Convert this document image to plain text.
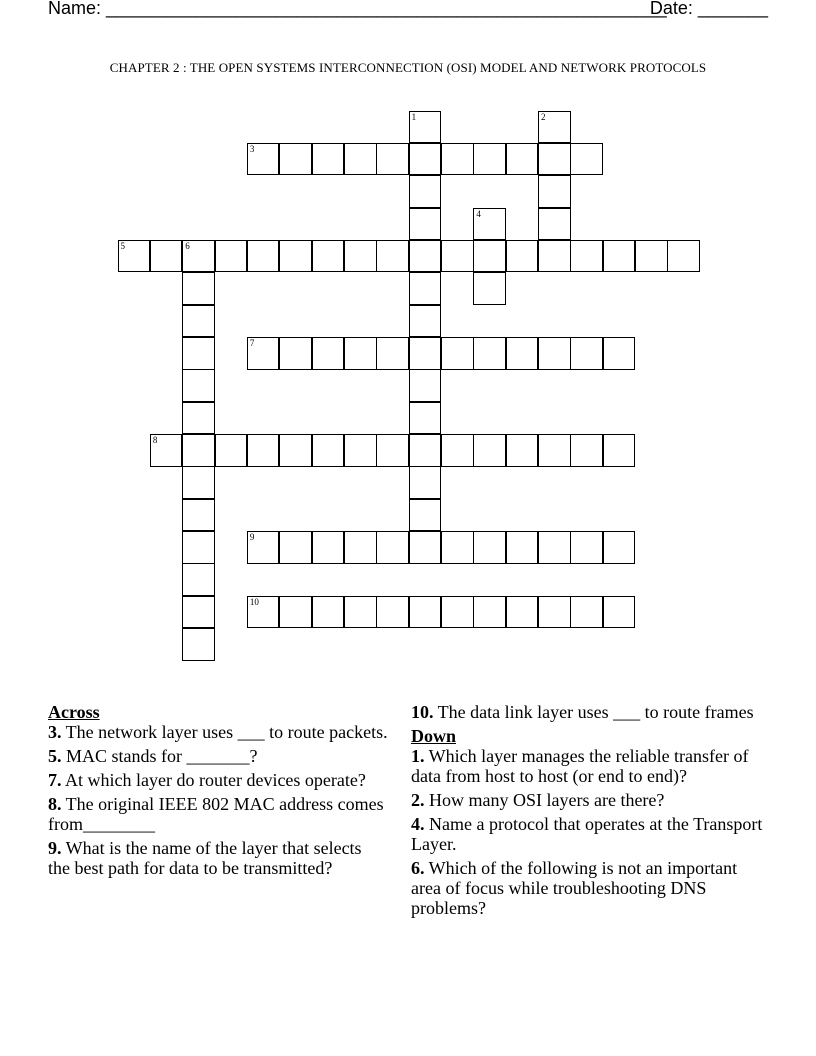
Name: ________________________________________________________
Date: _______
CHAPTER 2 : THE OPEN SYSTEMS INTERCONNECTION (OSI) MODEL AND NETWORK PROTOCOLS
1	2
3
4
5	6
7
8
9
10
Across
3. The network layer uses ___ to route packets.
5. MAC stands for _______?
7. At which layer do router devices operate?
8. The original IEEE 802 MAC address comes from________
9. What is the name of the layer that selects the best path for data to be transmitted?
10. The data link layer uses ___ to route frames
Down
1. Which layer manages the reliable transfer of data from host to host (or end to end)?
2. How many OSI layers are there?
4. Name a protocol that operates at the Transport Layer.
6. Which of the following is not an important area of focus while troubleshooting DNS problems?
